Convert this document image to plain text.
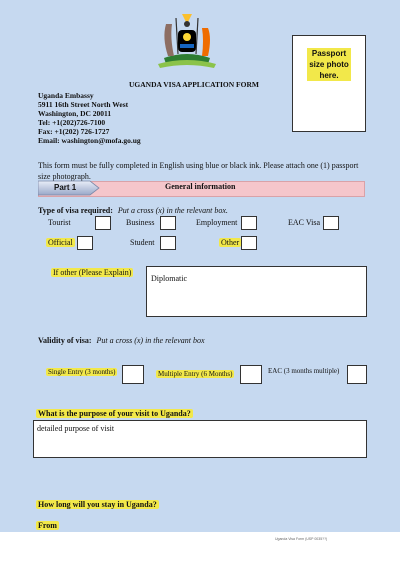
Passport size photo here.
UGANDA VISA APPLICATION FORM
Uganda Embassy
5911 16th Street North West
Washington, DC 20011
Tel: +1(202)726-7100
Fax: +1(202) 726-1727
Email: washington@mofa.go.ug
This form must be fully completed in English using blue or black ink. Please attach one (1) passport size photograph.
Part 1	General information
Type of visa required: Put a cross (x) in the relevant box.
Tourist	Business	Employment	EAC Visa
Official	Student	Other
If other (Please Explain)
Diplomatic
Validity of visa: Put a cross (x) in the relevant box
Single Entry (3 months)	Multiple Entry (6 Months)	EAC (3 months multiple)
What is the purpose of your visit to Uganda?
detailed purpose of visit
How long will you stay in Uganda?
From
Uganda Visa Form (USP 0035??)
